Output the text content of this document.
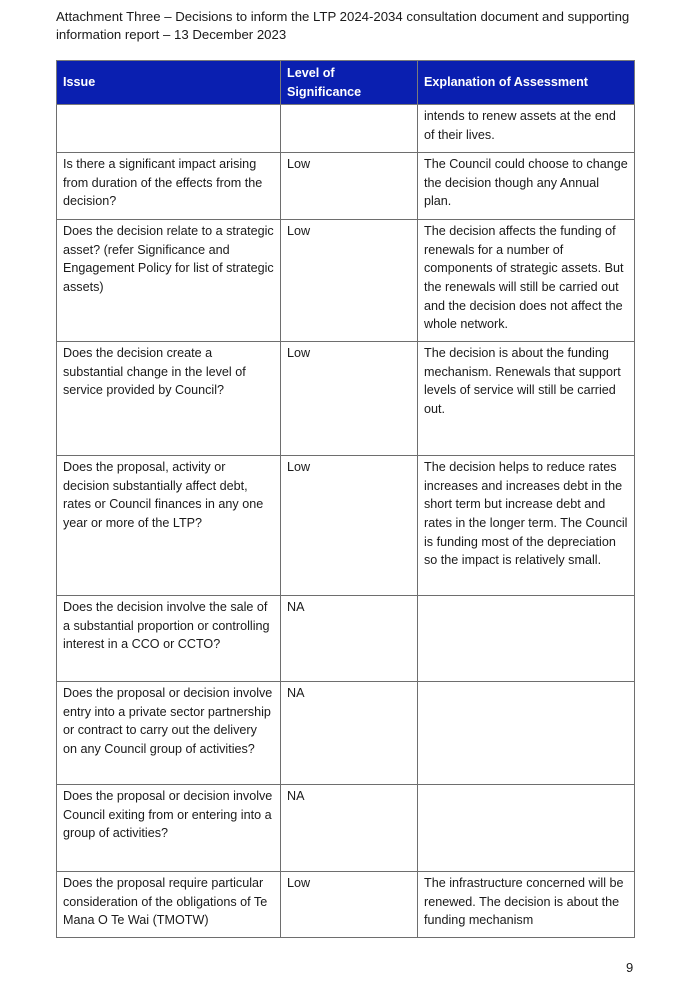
Attachment Three – Decisions to inform the LTP 2024-2034 consultation document and supporting
information report – 13 December 2023
Issue	Level of Significance	Explanation of Assessment
		intends to renew assets at the end of their lives.
Is there a significant impact arising from duration of the effects from the decision?	Low	The Council could choose to change the decision though any Annual plan.
Does the decision relate to a strategic asset? (refer Significance and Engagement Policy for list of strategic assets)	Low	The decision affects the funding of renewals for a number of components of strategic assets. But the renewals will still be carried out and the decision does not affect the whole network.
Does the decision create a substantial change in the level of service provided by Council?	Low	The decision is about the funding mechanism. Renewals that support levels of service will still be carried out.
Does the proposal, activity or decision substantially affect debt, rates or Council finances in any one year or more of the LTP?	Low	The decision helps to reduce rates increases and increases debt in the short term but increase debt and rates in the longer term. The Council is funding most of the depreciation so the impact is relatively small.
Does the decision involve the sale of a substantial proportion or controlling interest in a CCO or CCTO?	NA	
Does the proposal or decision involve entry into a private sector partnership or contract to carry out the delivery on any Council group of activities?	NA	
Does the proposal or decision involve Council exiting from or entering into a group of activities?	NA	
Does the proposal require particular consideration of the obligations of Te Mana O Te Wai (TMOTW)	Low	The infrastructure concerned will be renewed. The decision is about the funding mechanism
9
